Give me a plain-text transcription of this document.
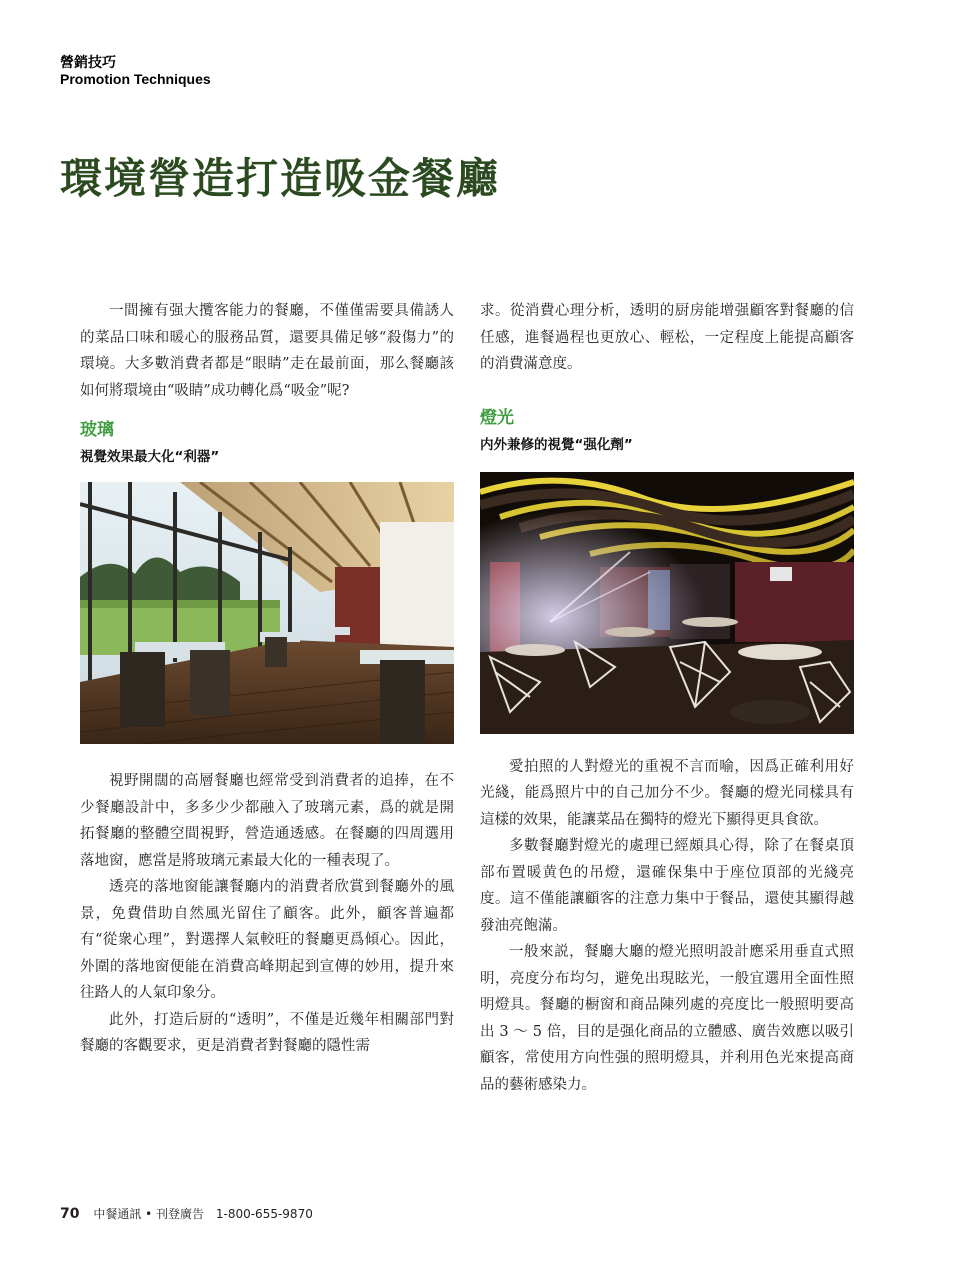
營銷技巧
Promotion Techniques
環境營造打造吸金餐廳

一間擁有强大攬客能力的餐廳，不僅僅需要具備誘人的菜品口味和暖心的服務品質，還要具備足够“殺傷力”的環境。大多數消費者都是“眼睛”走在最前面，那么餐廳該如何將環境由“吸睛”成功轉化爲“吸金”呢?

玻璃
視覺效果最大化“利器”

視野開闊的高層餐廳也經常受到消費者的追捧，在不少餐廳設計中，多多少少都融入了玻璃元素，爲的就是開拓餐廳的整體空間視野，營造通透感。在餐廳的四周選用落地窗，應當是將玻璃元素最大化的一種表現了。

透亮的落地窗能讓餐廳内的消費者欣賞到餐廳外的風景，免費借助自然風光留住了顧客。此外，顧客普遍都有“從衆心理”，對選擇人氣較旺的餐廳更爲傾心。因此，外圍的落地窗便能在消費高峰期起到宣傳的妙用，提升來往路人的人氣印象分。

此外，打造后厨的“透明”，不僅是近幾年相關部門對餐廳的客觀要求，更是消費者對餐廳的隱性需

求。從消費心理分析，透明的厨房能增强顧客對餐廳的信任感，進餐過程也更放心、輕松，一定程度上能提高顧客的消費滿意度。

燈光
内外兼修的視覺“强化劑”

愛拍照的人對燈光的重視不言而喻，因爲正確利用好光綫，能爲照片中的自己加分不少。餐廳的燈光同樣具有這樣的效果，能讓菜品在獨特的燈光下顯得更具食欲。

多數餐廳對燈光的處理已經頗具心得，除了在餐桌頂部布置暖黄色的吊燈，還確保集中于座位頂部的光綫亮度。這不僅能讓顧客的注意力集中于餐品，還使其顯得越發油亮飽滿。

一般來説，餐廳大廳的燈光照明設計應采用垂直式照明，亮度分布均匀，避免出現眩光，一般宜選用全面性照明燈具。餐廳的橱窗和商品陳列處的亮度比一般照明要高出 3 ～ 5 倍，目的是强化商品的立體感、廣告效應以吸引顧客，常使用方向性强的照明燈具，并利用色光來提高商品的藝術感染力。

70 中餐通訊 • 刊登廣告 1-800-655-9870
